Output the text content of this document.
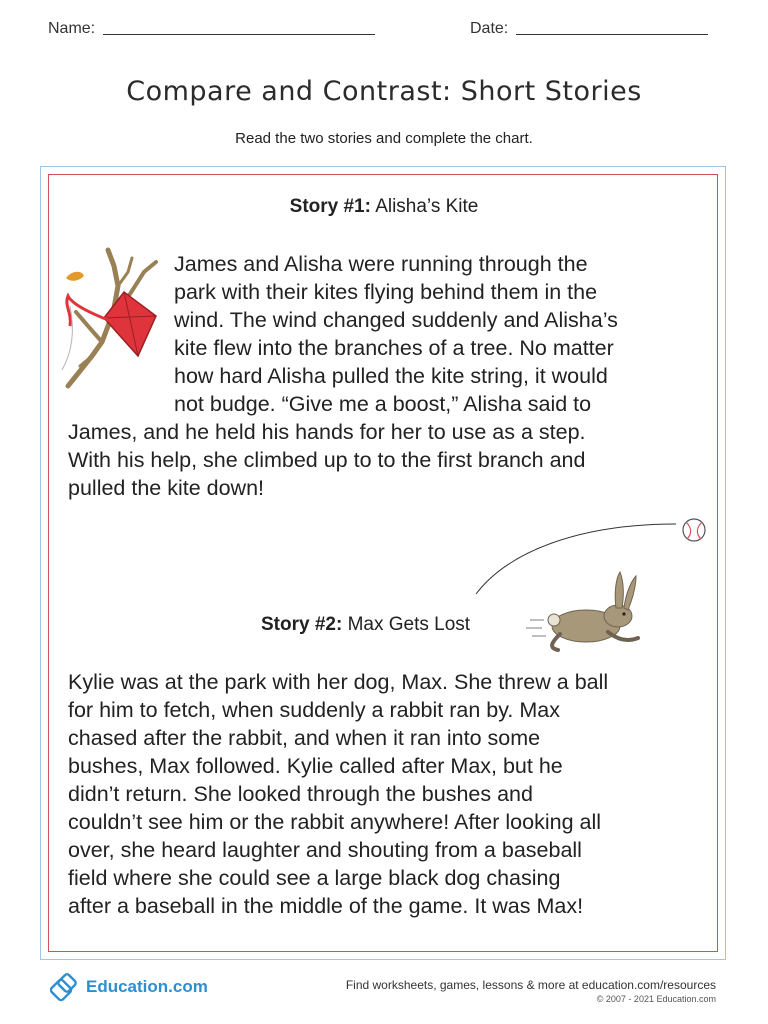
Name:	Date:
Compare and Contrast: Short Stories
Read the two stories and complete the chart.
Story #1: Alisha’s Kite
James and Alisha were running through the
park with their kites flying behind them in the
wind. The wind changed suddenly and Alisha’s
kite flew into the branches of a tree. No matter
how hard Alisha pulled the kite string, it would
not budge. “Give me a boost,” Alisha said to
James, and he held his hands for her to use as a step.
With his help, she climbed up to to the first branch and
pulled the kite down!
Story #2: Max Gets Lost
Kylie was at the park with her dog, Max. She threw a ball
for him to fetch, when suddenly a rabbit ran by. Max
chased after the rabbit, and when it ran into some
bushes, Max followed. Kylie called after Max, but he
didn’t return. She looked through the bushes and
couldn’t see him or the rabbit anywhere! After looking all
over, she heard laughter and shouting from a baseball
field where she could see a large black dog chasing
after a baseball in the middle of the game. It was Max!
Education.com	Find worksheets, games, lessons & more at education.com/resources
© 2007 - 2021 Education.com
